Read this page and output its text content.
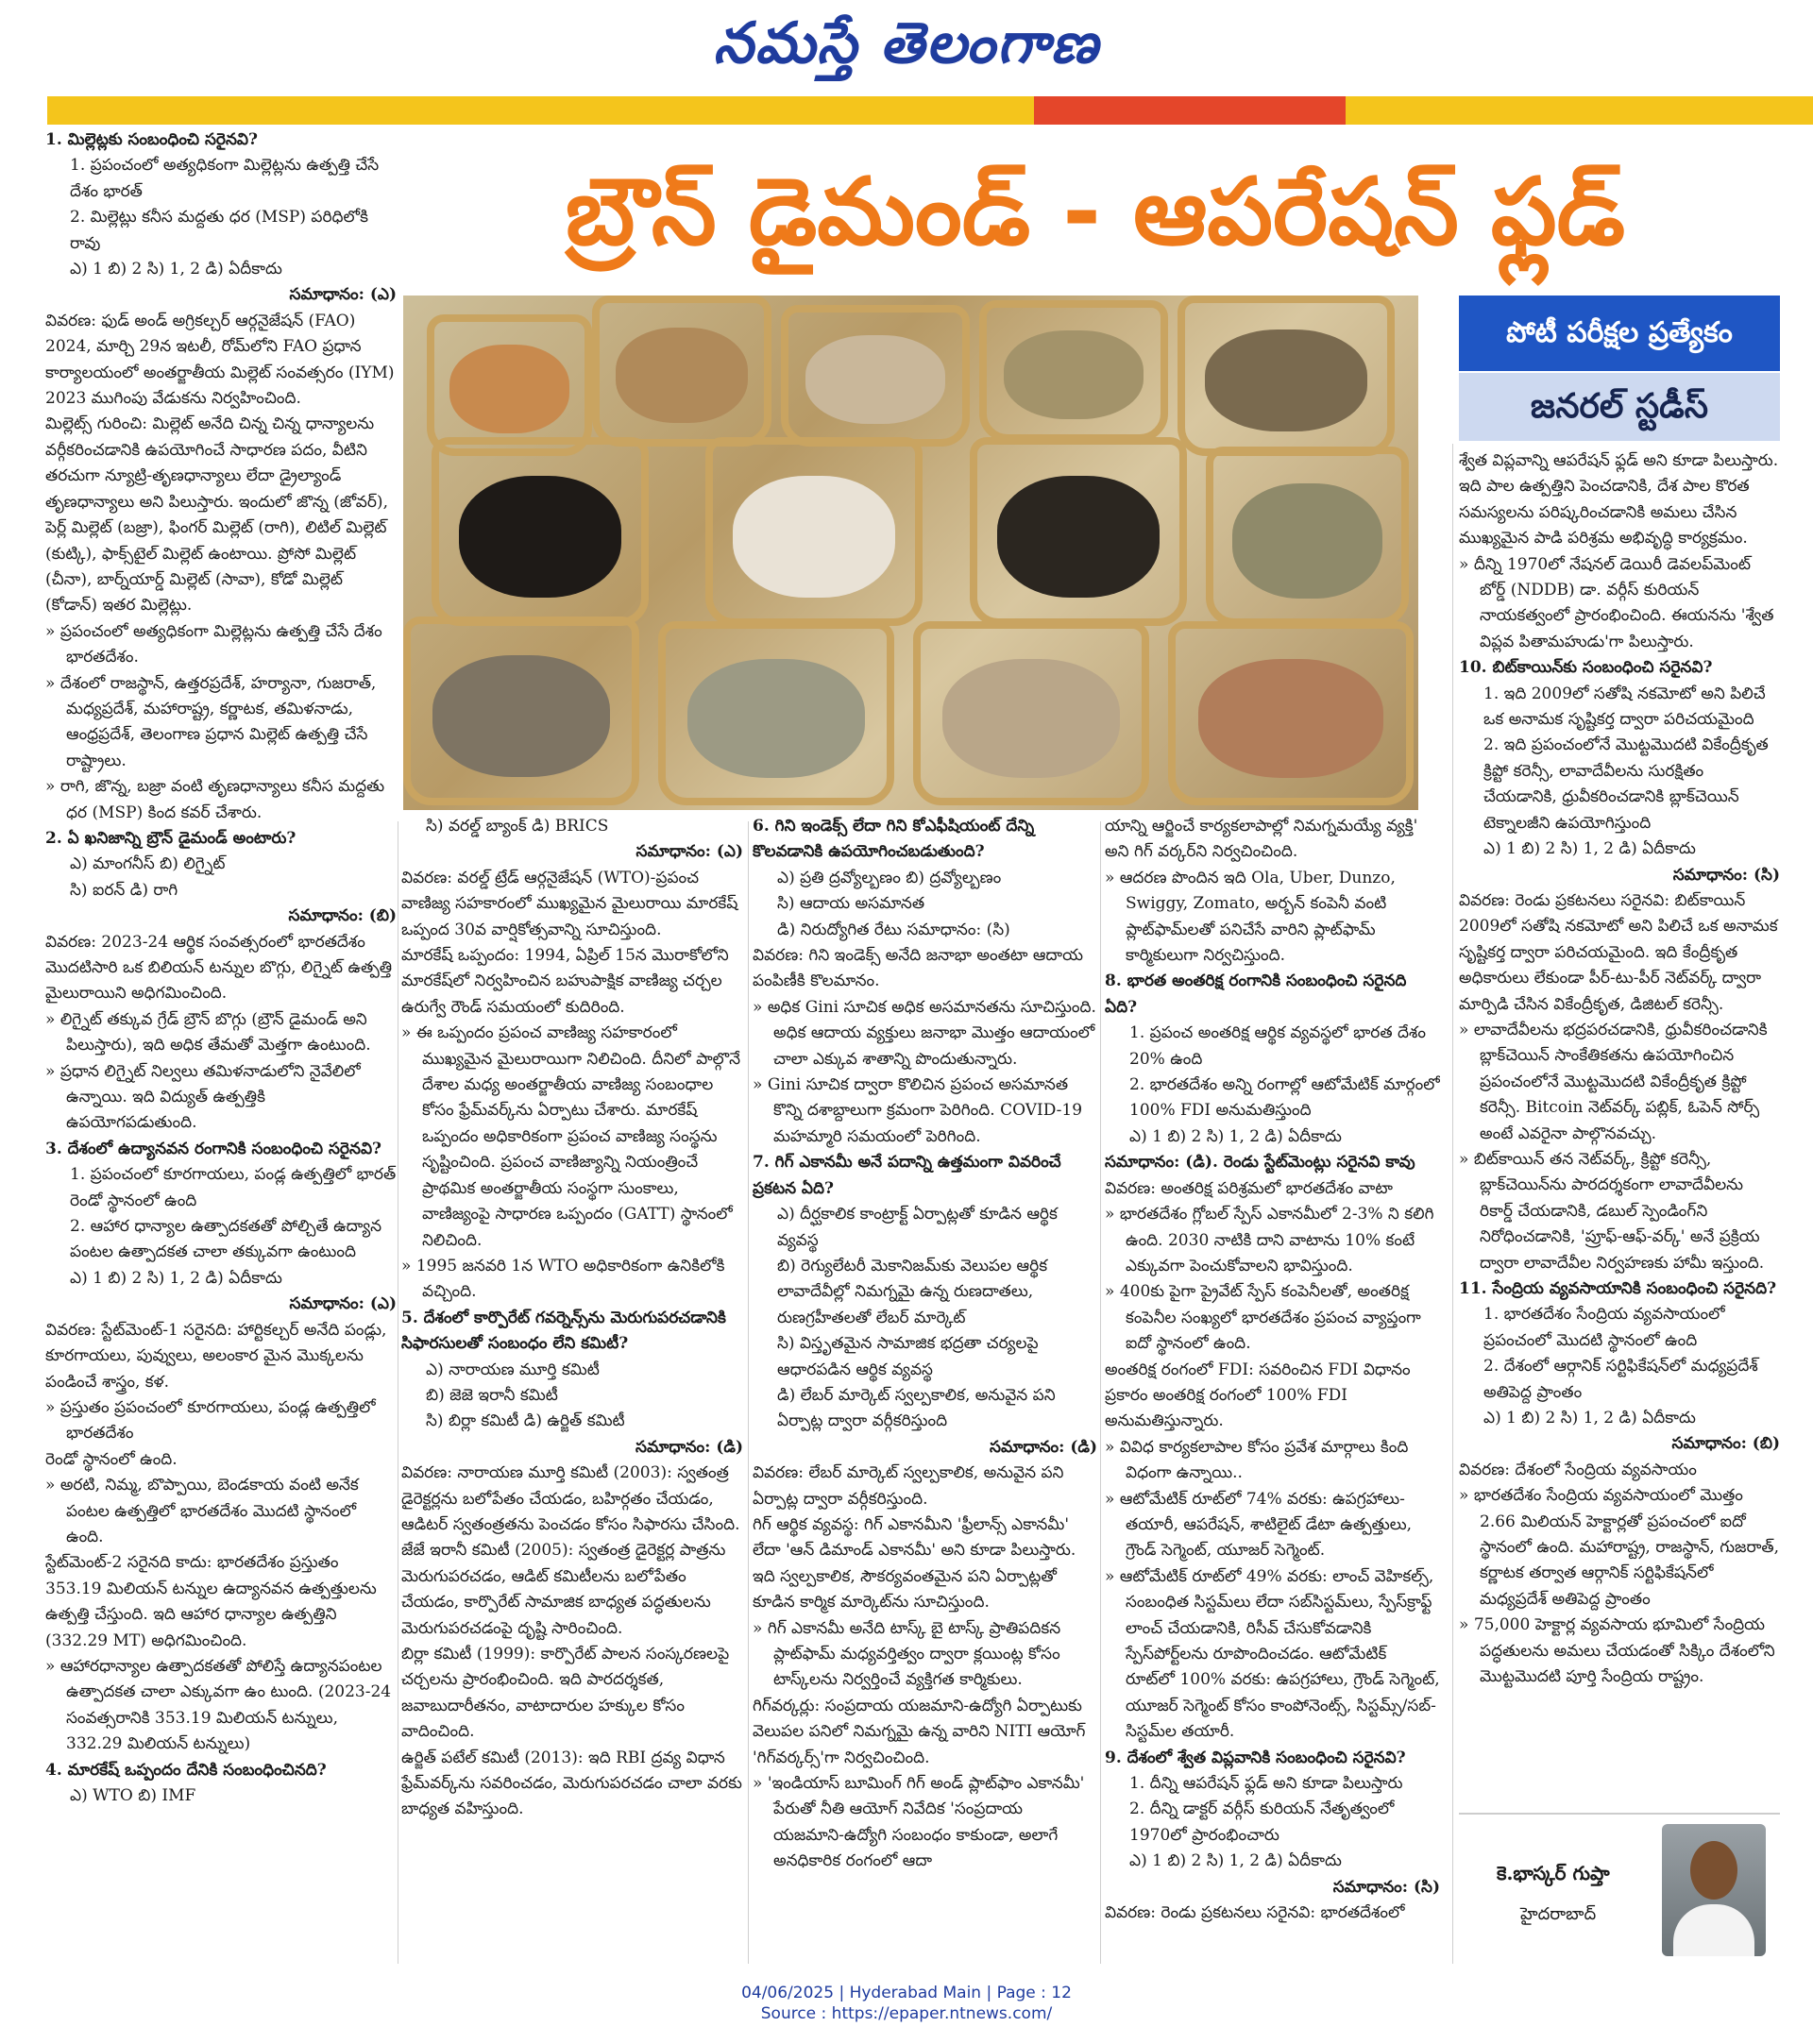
నమస్తే తెలంగాణ
బ్రౌన్ డైమండ్ - ఆపరేషన్ ఫ్లడ్
పోటీ పరీక్షల ప్రత్యేకం
జనరల్ స్టడీస్

1. మిల్లెట్లకు సంబంధించి సరైనవి?

1. ప్రపంచంలో అత్యధికంగా మిల్లెట్లను ఉత్పత్తి చేసే దేశం భారత్

2. మిల్లెట్లు కనీస మద్దతు ధర (MSP) పరిధిలోకి రావు

ఎ) 1 బి) 2 సి) 1, 2 డి) ఏదీకాదు

సమాధానం: (ఎ)

వివరణ: ఫుడ్ అండ్ అగ్రికల్చర్ ఆర్గనైజేషన్ (FAO) 2024, మార్చి 29న ఇటలీ, రోమ్‌లోని FAO ప్రధాన కార్యాలయంలో అంతర్జాతీయ మిల్లెట్ సంవత్సరం (IYM) 2023 ముగింపు వేడుకను నిర్వహించింది.

మిల్లెట్స్ గురించి: మిల్లెట్ అనేది చిన్న చిన్న ధాన్యాలను వర్గీకరించడానికి ఉపయోగించే సాధారణ పదం, వీటిని తరచుగా న్యూట్రి-తృణధాన్యాలు లేదా డ్రైల్యాండ్ తృణధాన్యాలు అని పిలుస్తారు. ఇందులో జొన్న (జోవర్), పెర్ల్ మిల్లెట్ (బజ్రా), ఫింగర్ మిల్లెట్ (రాగి), లిటిల్ మిల్లెట్ (కుట్కి), ఫాక్స్‌టైల్ మిల్లెట్ ఉంటాయి. ప్రోసో మిల్లెట్ (చీనా), బార్న్‌యార్డ్ మిల్లెట్ (సావా), కోడో మిల్లెట్ (కోడాన్) ఇతర మిల్లెట్లు.

» ప్రపంచంలో అత్యధికంగా మిల్లెట్లను ఉత్పత్తి చేసే దేశం భారతదేశం.

» దేశంలో రాజస్థాన్, ఉత్తరప్రదేశ్, హర్యానా, గుజరాత్, మధ్యప్రదేశ్, మహారాష్ట్ర, కర్ణాటక, తమిళనాడు, ఆంధ్రప్రదేశ్, తెలంగాణ ప్రధాన మిల్లెట్ ఉత్పత్తి చేసే రాష్ట్రాలు.

» రాగి, జొన్న, బజ్రా వంటి తృణధాన్యాలు కనీస మద్దతు ధర (MSP) కింద కవర్ చేశారు.

2. ఏ ఖనిజాన్ని బ్రౌన్ డైమండ్ అంటారు?

ఎ) మాంగనీస్ బి) లిగ్నైట్

సి) ఐరన్ డి) రాగి

సమాధానం: (బి)

వివరణ: 2023-24 ఆర్థిక సంవత్సరంలో భారతదేశం మొదటిసారి ఒక బిలియన్ టన్నుల బొగ్గు, లిగ్నైట్ ఉత్పత్తి మైలురాయిని అధిగమించింది.

» లిగ్నైట్ తక్కువ గ్రేడ్ బ్రౌన్ బొగ్గు (బ్రౌన్ డైమండ్ అని పిలుస్తారు), ఇది అధిక తేమతో మెత్తగా ఉంటుంది.

» ప్రధాన లిగ్నైట్ నిల్వలు తమిళనాడులోని నైవేలిలో ఉన్నాయి. ఇది విద్యుత్ ఉత్పత్తికి ఉపయోగపడుతుంది.

3. దేశంలో ఉద్యానవన రంగానికి సంబంధించి సరైనవి?

1. ప్రపంచంలో కూరగాయలు, పండ్ల ఉత్పత్తిలో భారత్ రెండో స్థానంలో ఉంది

2. ఆహార ధాన్యాల ఉత్పాదకతతో పోల్చితే ఉద్యాన పంటల ఉత్పాదకత చాలా తక్కువగా ఉంటుంది

ఎ) 1 బి) 2 సి) 1, 2 డి) ఏదీకాదు

సమాధానం: (ఎ)

వివరణ: స్టేట్‌మెంట్-1 సరైనది: హార్టికల్చర్ అనేది పండ్లు, కూరగాయలు, పువ్వులు, అలంకార మైన మొక్కలను పండించే శాస్త్రం, కళ.

» ప్రస్తుతం ప్రపంచంలో కూరగాయలు, పండ్ల ఉత్పత్తిలో భారతదేశం

రెండో స్థానంలో ఉంది.

» అరటి, నిమ్మ, బొప్పాయి, బెండకాయ వంటి అనేక పంటల ఉత్పత్తిలో భారతదేశం మొదటి స్థానంలో ఉంది.

స్టేట్‌మెంట్-2 సరైనది కాదు: భారతదేశం ప్రస్తుతం 353.19 మిలియన్ టన్నుల ఉద్యానవన ఉత్పత్తులను ఉత్పత్తి చేస్తుంది. ఇది ఆహార ధాన్యాల ఉత్పత్తిని (332.29 MT) అధిగమించింది.

» ఆహారధాన్యాల ఉత్పాదకతతో పోలిస్తే ఉద్యానపంటల ఉత్పాదకత చాలా ఎక్కువగా ఉం టుంది. (2023-24 సంవత్సరానికి 353.19 మిలియన్ టన్నులు, 332.29 మిలియన్ టన్నులు)

4. మారకేష్ ఒప్పందం దేనికి సంబంధించినది?

ఎ) WTO బి) IMF

సి) వరల్డ్ బ్యాంక్ డి) BRICS

సమాధానం: (ఎ)

వివరణ: వరల్డ్ ట్రేడ్ ఆర్గనైజేషన్ (WTO)-ప్రపంచ వాణిజ్య సహకారంలో ముఖ్యమైన మైలురాయి మారకేష్ ఒప్పంద 30వ వార్షికోత్సవాన్ని సూచిస్తుంది.

మారకేష్ ఒప్పందం: 1994, ఏప్రిల్ 15న మొరాకోలోని మారకేష్‌లో నిర్వహించిన బహుపాక్షిక వాణిజ్య చర్చల ఉరుగ్వే రౌండ్ సమయంలో కుదిరింది.

» ఈ ఒప్పందం ప్రపంచ వాణిజ్య సహకారంలో ముఖ్యమైన మైలురాయిగా నిలిచింది. దీనిలో పాల్గొనే దేశాల మధ్య అంతర్జాతీయ వాణిజ్య సంబంధాల కోసం ఫ్రేమ్‌వర్క్‌ను ఏర్పాటు చేశారు. మారకేష్ ఒప్పందం అధికారికంగా ప్రపంచ వాణిజ్య సంస్థను సృష్టించింది. ప్రపంచ వాణిజ్యాన్ని నియంత్రించే ప్రాథమిక అంతర్జాతీయ సంస్థగా సుంకాలు, వాణిజ్యంపై సాధారణ ఒప్పందం (GATT) స్థానంలో నిలిచింది.

» 1995 జనవరి 1న WTO అధికారికంగా ఉనికిలోకి వచ్చింది.

5. దేశంలో కార్పొరేట్ గవర్నెన్స్‌ను మెరుగుపరచడానికి సిఫారసులతో సంబంధం లేని కమిటీ?

ఎ) నారాయణ మూర్తి కమిటీ

బి) జెజె ఇరానీ కమిటీ

సి) బిర్లా కమిటీ డి) ఉర్జిత్ కమిటీ

సమాధానం: (డి)

వివరణ: నారాయణ మూర్తి కమిటీ (2003): స్వతంత్ర డైరెక్టర్లను బలోపేతం చేయడం, బహిర్గతం చేయడం, ఆడిటర్ స్వతంత్రతను పెంచడం కోసం సిఫారసు చేసింది.

జేజే ఇరానీ కమిటీ (2005): స్వతంత్ర డైరెక్టర్ల పాత్రను మెరుగుపరచడం, ఆడిట్ కమిటీలను బలోపేతం చేయడం, కార్పొరేట్ సామాజిక బాధ్యత పద్ధతులను మెరుగుపరచడంపై దృష్టి సారించింది.

బిర్లా కమిటీ (1999): కార్పొరేట్ పాలన సంస్కరణలపై చర్చలను ప్రారంభించింది. ఇది పారదర్శకత, జవాబుదారీతనం, వాటాదారుల హక్కుల కోసం వాదించింది.

ఉర్జిత్ పటేల్ కమిటీ (2013): ఇది RBI ద్రవ్య విధాన ఫ్రేమ్‌వర్క్‌ను సవరించడం, మెరుగుపరచడం చాలా వరకు బాధ్యత వహిస్తుంది.

6. గిని ఇండెక్స్ లేదా గిని కోఎఫీషియంట్ దేన్ని కొలవడానికి ఉపయోగించబడుతుంది?

ఎ) ప్రతి ద్రవ్యోల్బణం బి) ద్రవ్యోల్బణం

సి) ఆదాయ అసమానత

డి) నిరుద్యోగిత రేటు సమాధానం: (సి)

వివరణ: గిని ఇండెక్స్ అనేది జనాభా అంతటా ఆదాయ పంపిణీకి కొలమానం.

» అధిక Gini సూచిక అధిక అసమానతను సూచిస్తుంది. అధిక ఆదాయ వ్యక్తులు జనాభా మొత్తం ఆదాయంలో చాలా ఎక్కువ శాతాన్ని పొందుతున్నారు.

» Gini సూచిక ద్వారా కొలిచిన ప్రపంచ అసమానత కొన్ని దశాబ్దాలుగా క్రమంగా పెరిగింది. COVID-19 మహమ్మారి సమయంలో పెరిగింది.

7. గిగ్ ఎకానమీ అనే పదాన్ని ఉత్తమంగా వివరించే ప్రకటన ఏది?

ఎ) దీర్ఘకాలిక కాంట్రాక్ట్ ఏర్పాట్లతో కూడిన ఆర్థిక వ్యవస్థ

బి) రెగ్యులేటరీ మెకానిజమ్‌కు వెలుపల ఆర్థిక లావాదేవీల్లో నిమగ్నమై ఉన్న రుణదాతలు, రుణగ్రహీతలతో లేబర్ మార్కెట్

సి) విస్తృతమైన సామాజిక భద్రతా చర్యలపై ఆధారపడిన ఆర్థిక వ్యవస్థ

డి) లేబర్ మార్కెట్ స్వల్పకాలిక, అనువైన పని ఏర్పాట్ల ద్వారా వర్గీకరిస్తుంది

సమాధానం: (డి)

వివరణ: లేబర్ మార్కెట్ స్వల్పకాలిక, అనువైన పని ఏర్పాట్ల ద్వారా వర్గీకరిస్తుంది.

గిగ్ ఆర్థిక వ్యవస్థ: గిగ్ ఎకానమీని 'ఫ్రీలాన్స్ ఎకానమీ' లేదా 'ఆన్ డిమాండ్ ఎకానమీ' అని కూడా పిలుస్తారు. ఇది స్వల్పకాలిక, సౌకర్యవంతమైన పని ఏర్పాట్లతో కూడిన కార్మిక మార్కెట్‌ను సూచిస్తుంది.

» గిగ్ ఎకానమీ అనేది టాస్క్ బై టాస్క్ ప్రాతిపదికన ప్లాట్‌ఫామ్ మధ్యవర్తిత్వం ద్వారా క్లయింట్ల కోసం టాస్క్‌లను నిర్వర్తించే వ్యక్తిగత కార్మికులు.

గిగ్‌వర్కర్లు: సంప్రదాయ యజమాని-ఉద్యోగి ఏర్పాటుకు వెలుపల పనిలో నిమగ్నమై ఉన్న వారిని NITI ఆయోగ్ 'గిగ్‌వర్కర్స్'గా నిర్వచించింది.

» 'ఇండియాస్ బూమింగ్ గిగ్ అండ్ ప్లాట్‌ఫాం ఎకానమీ' పేరుతో నీతి ఆయోగ్ నివేదిక 'సంప్రదాయ యజమాని-ఉద్యోగి సంబంధం కాకుండా, అలాగే అనధికారిక రంగంలో ఆదా

యాన్ని ఆర్జించే కార్యకలాపాల్లో నిమగ్నమయ్యే వ్యక్తి' అని గిగ్ వర్కర్‌ని నిర్వచించింది.

» ఆదరణ పొందిన ఇది Ola, Uber, Dunzo, Swiggy, Zomato, అర్బన్ కంపెనీ వంటి ప్లాట్‌ఫామ్‌లతో పనిచేసే వారిని ప్లాట్‌ఫామ్ కార్మికులుగా నిర్వచిస్తుంది.

8. భారత అంతరిక్ష రంగానికి సంబంధించి సరైనది ఏది?

1. ప్రపంచ అంతరిక్ష ఆర్థిక వ్యవస్థలో భారత దేశం 20% ఉంది

2. భారతదేశం అన్ని రంగాల్లో ఆటోమేటిక్ మార్గంలో 100% FDI అనుమతిస్తుంది

ఎ) 1 బి) 2 సి) 1, 2 డి) ఏదీకాదు

సమాధానం: (డి). రెండు స్టేట్‌మెంట్లు సరైనవి కావు

వివరణ: అంతరిక్ష పరిశ్రమలో భారతదేశం వాటా

» భారతదేశం గ్లోబల్ స్పేస్ ఎకానమీలో 2-3% ని కలిగి ఉంది. 2030 నాటికి దాని వాటాను 10% కంటే ఎక్కువగా పెంచుకోవాలని భావిస్తుంది.

» 400కు పైగా ప్రైవేట్ స్పేస్ కంపెనీలతో, అంతరిక్ష కంపెనీల సంఖ్యలో భారతదేశం ప్రపంచ వ్యాప్తంగా ఐదో స్థానంలో ఉంది.

అంతరిక్ష రంగంలో FDI: సవరించిన FDI విధానం ప్రకారం అంతరిక్ష రంగంలో 100% FDI అనుమతిస్తున్నారు.

» వివిధ కార్యకలాపాల కోసం ప్రవేశ మార్గాలు కింది విధంగా ఉన్నాయి..

» ఆటోమేటిక్ రూట్‌లో 74% వరకు: ఉపగ్రహాలు-తయారీ, ఆపరేషన్, శాటిలైట్ డేటా ఉత్పత్తులు, గ్రౌండ్ సెగ్మెంట్, యూజర్ సెగ్మెంట్.

» ఆటోమేటిక్ రూట్‌లో 49% వరకు: లాంచ్ వెహికల్స్, సంబంధిత సిస్టమ్‌లు లేదా సబ్‌సిస్టమ్‌లు, స్పేస్‌క్రాఫ్ట్ లాంచ్ చేయడానికి, రిసీవ్ చేసుకోవడానికి స్పేస్‌పోర్ట్‌లను రూపొందించడం. ఆటోమేటిక్ రూట్‌లో 100% వరకు: ఉపగ్రహాలు, గ్రౌండ్ సెగ్మెంట్, యూజర్ సెగ్మెంట్ కోసం కాంపోనెంట్స్, సిస్టమ్స్/సబ్-సిస్టమ్‌ల తయారీ.

9. దేశంలో శ్వేత విప్లవానికి సంబంధించి సరైనవి?

1. దీన్ని ఆపరేషన్ ఫ్లడ్ అని కూడా పిలుస్తారు

2. దీన్ని డాక్టర్ వర్గీస్ కురియన్ నేతృత్వంలో 1970లో ప్రారంభించారు

ఎ) 1 బి) 2 సి) 1, 2 డి) ఏదీకాదు

సమాధానం: (సి)

వివరణ: రెండు ప్రకటనలు సరైనవి: భారతదేశంలో

శ్వేత విప్లవాన్ని ఆపరేషన్ ఫ్లడ్ అని కూడా పిలుస్తారు. ఇది పాల ఉత్పత్తిని పెంచడానికి, దేశ పాల కొరత సమస్యలను పరిష్కరించడానికి అమలు చేసిన ముఖ్యమైన పాడి పరిశ్రమ అభివృద్ధి కార్యక్రమం.

» దీన్ని 1970లో నేషనల్ డెయిరీ డెవలప్‌మెంట్ బోర్డ్ (NDDB) డా. వర్గీస్ కురియన్ నాయకత్వంలో ప్రారంభించింది. ఈయనను 'శ్వేత విప్లవ పితామహుడు'గా పిలుస్తారు.

10. బిట్‌కాయిన్‌కు సంబంధించి సరైనవి?

1. ఇది 2009లో సతోషి నకమోటో అని పిలిచే ఒక అనామక సృష్టికర్త ద్వారా పరిచయమైంది

2. ఇది ప్రపంచంలోనే మొట్టమొదటి వికేంద్రీకృత క్రిప్టో కరెన్సీ, లావాదేవీలను సురక్షితం చేయడానికి, ధ్రువీకరించడానికి బ్లాక్‌చెయిన్ టెక్నాలజీని ఉపయోగిస్తుంది

ఎ) 1 బి) 2 సి) 1, 2 డి) ఏదీకాదు

సమాధానం: (సి)

వివరణ: రెండు ప్రకటనలు సరైనవి: బిట్‌కాయిన్ 2009లో సతోషి నకమోటో అని పిలిచే ఒక అనామక సృష్టికర్త ద్వారా పరిచయమైంది. ఇది కేంద్రీకృత అధికారులు లేకుండా పీర్-టు-పీర్ నెట్‌వర్క్ ద్వారా మార్పిడి చేసిన వికేంద్రీకృత, డిజిటల్ కరెన్సీ.

» లావాదేవీలను భద్రపరచడానికి, ధ్రువీకరించడానికి బ్లాక్‌చెయిన్ సాంకేతికతను ఉపయోగించిన ప్రపంచంలోనే మొట్టమొదటి వికేంద్రీకృత క్రిప్టో కరెన్సీ. Bitcoin నెట్‌వర్క్ పబ్లిక్, ఓపెన్ సోర్స్ అంటే ఎవరైనా పాల్గొనవచ్చు.

» బిట్‌కాయిన్ తన నెట్‌వర్క్, క్రిప్టో కరెన్సీ, బ్లాక్‌చెయిన్‌ను పారదర్శకంగా లావాదేవీలను రికార్డ్ చేయడానికి, డబుల్ స్పెండింగ్‌ని నిరోధించడానికి, 'ప్రూఫ్-ఆఫ్-వర్క్' అనే ప్రక్రియ ద్వారా లావాదేవీల నిర్వహణకు హామీ ఇస్తుంది.

11. సేంద్రియ వ్యవసాయానికి సంబంధించి సరైనది?

1. భారతదేశం సేంద్రియ వ్యవసాయంలో ప్రపంచంలో మొదటి స్థానంలో ఉంది

2. దేశంలో ఆర్గానిక్ సర్టిఫికేషన్‌లో మధ్యప్రదేశ్ అతిపెద్ద ప్రాంతం

ఎ) 1 బి) 2 సి) 1, 2 డి) ఏదీకాదు

సమాధానం: (బి)

వివరణ: దేశంలో సేంద్రియ వ్యవసాయం

» భారతదేశం సేంద్రియ వ్యవసాయంలో మొత్తం 2.66 మిలియన్ హెక్టార్లతో ప్రపంచంలో ఐదో స్థానంలో ఉంది. మహారాష్ట్ర, రాజస్థాన్, గుజరాత్, కర్ణాటక తర్వాత ఆర్గానిక్ సర్టిఫికేషన్‌లో మధ్యప్రదేశ్ అతిపెద్ద ప్రాంతం

» 75,000 హెక్టార్ల వ్యవసాయ భూమిలో సేంద్రియ పద్ధతులను అమలు చేయడంతో సిక్కిం దేశంలోని మొట్టమొదటి పూర్తి సేంద్రియ రాష్ట్రం.

కె.భాస్కర్ గుప్తా
హైదరాబాద్
04/06/2025 | Hyderabad Main | Page : 12
Source : https://epaper.ntnews.com/
